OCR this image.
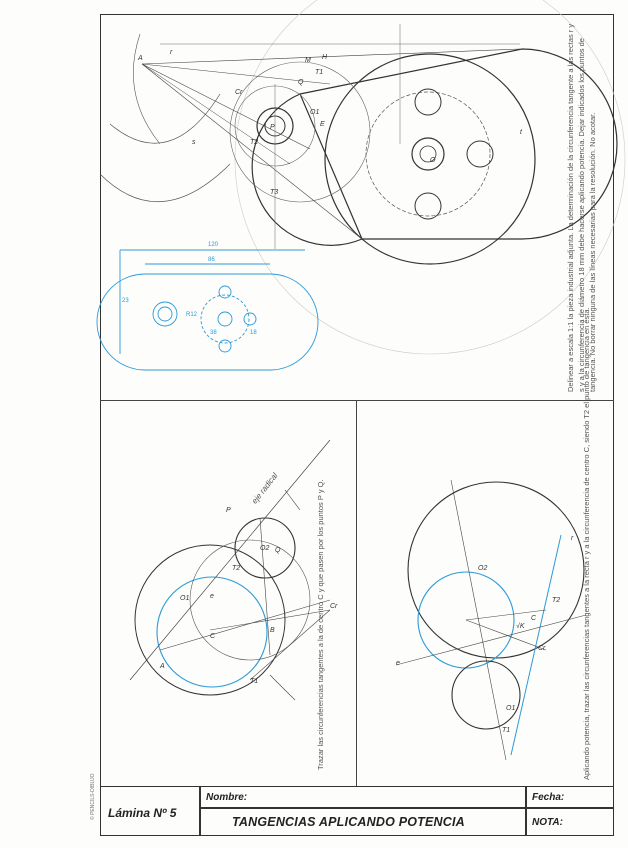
120
86
23
R12
38	18
A
r
s
t
P
Q
O
O1
T2
T1
T3
E
M H
Cr	Delinear a escala 1:1 la pieza industrial adjunta. La determinación de la circunferencia tangente a las rectas r y s y a la circunferencia de diámetro 18 mm debe hacerse aplicando potencia. Dejar indicados los puntos de tangencia. No borrar ninguna de las líneas necesarias para la resolución. No acotar.
A
B
C
Cr
O1
O2
P
Q
T1
T2
e
eje radical	Trazar las circunferencias tangentes a la de centro C y que pasen por los puntos P y Q.	e
C
O1
O2
T1
T2
Cr
√K
r Aplicando potencia, trazar las circunferencias tangentes a la recta r y a la circunferencia de centro C, siendo T2 el punto de tangencia en ésta.
© PENCILS-DIBUJO Lámina Nº 5
Nombre:	Fecha:
NOTA:
TANGENCIAS APLICANDO POTENCIA
